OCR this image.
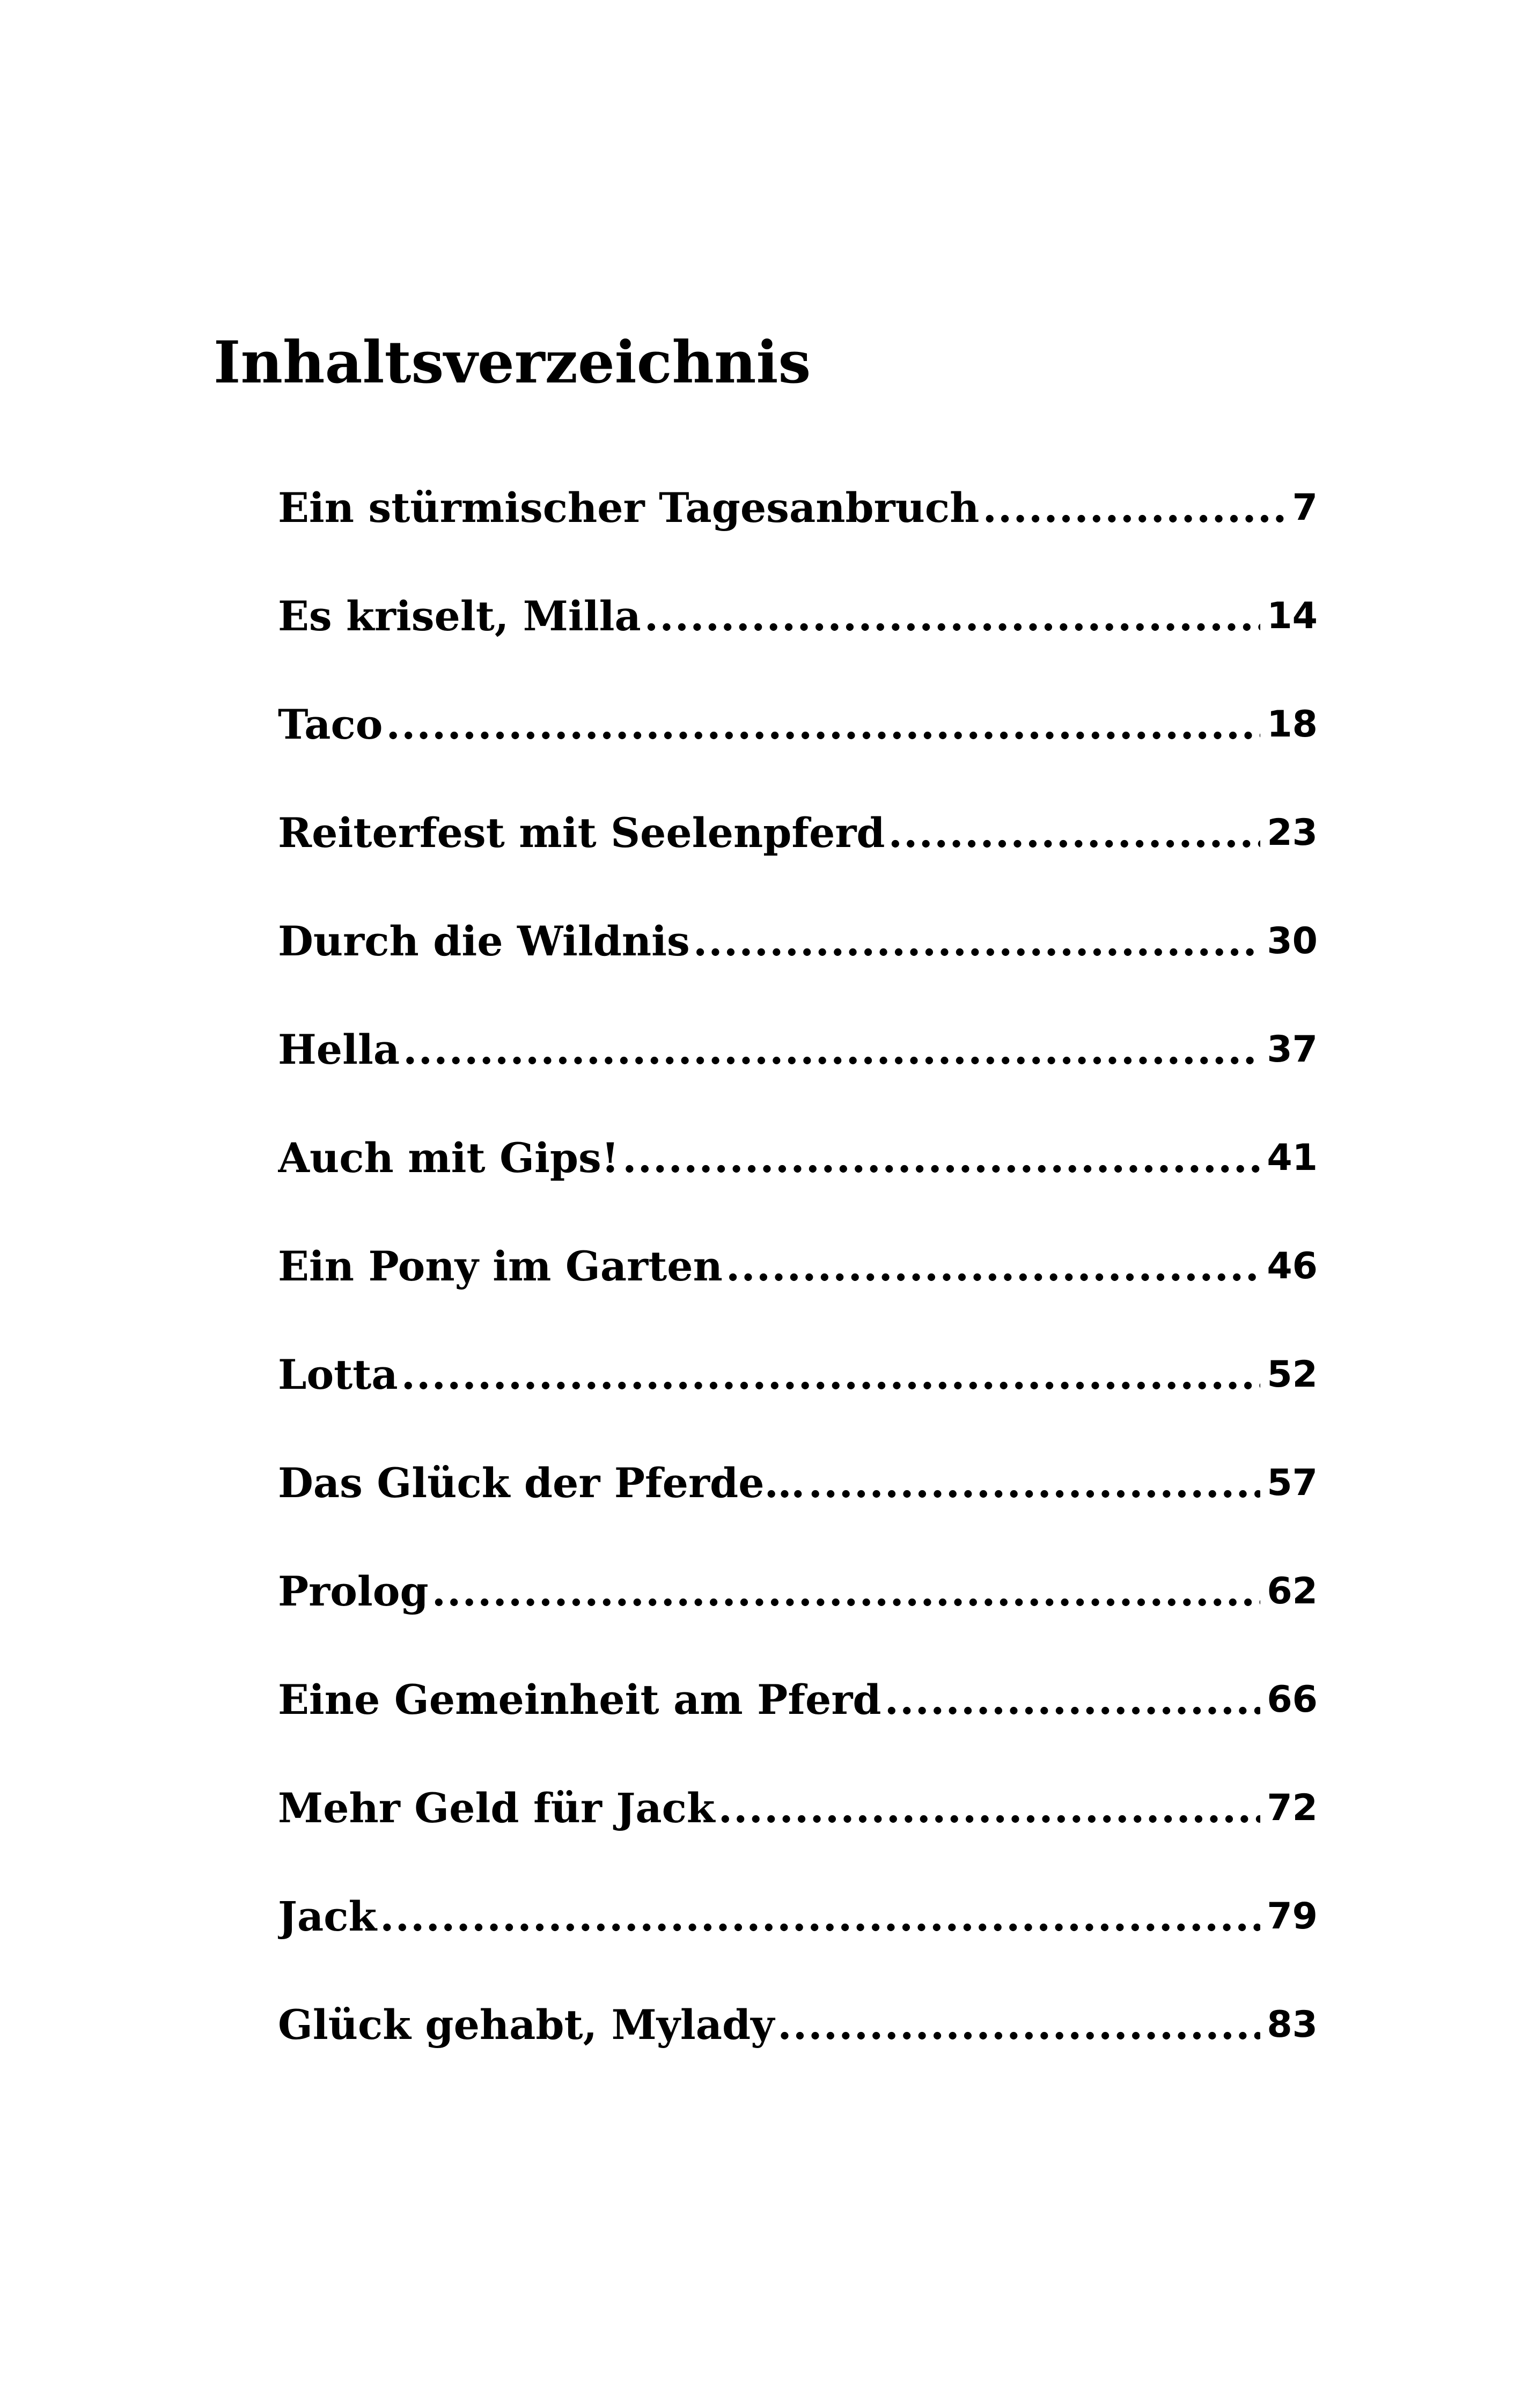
Inhaltsverzeichnis
Ein stürmischer Tagesanbruch .....	7
Es kriselt, Milla .....	14
Taco .....	18
Reiterfest mit Seelenpferd .....	23
Durch die Wildnis .....	30
Hella .....	37
Auch mit Gips! .....	41
Ein Pony im Garten .....	46
Lotta .....	52
Das Glück der Pferde… .....	57
Prolog .....	62
Eine Gemeinheit am Pferd .....	66
Mehr Geld für Jack .....	72
Jack .....	79
Glück gehabt, Mylady .....	83
